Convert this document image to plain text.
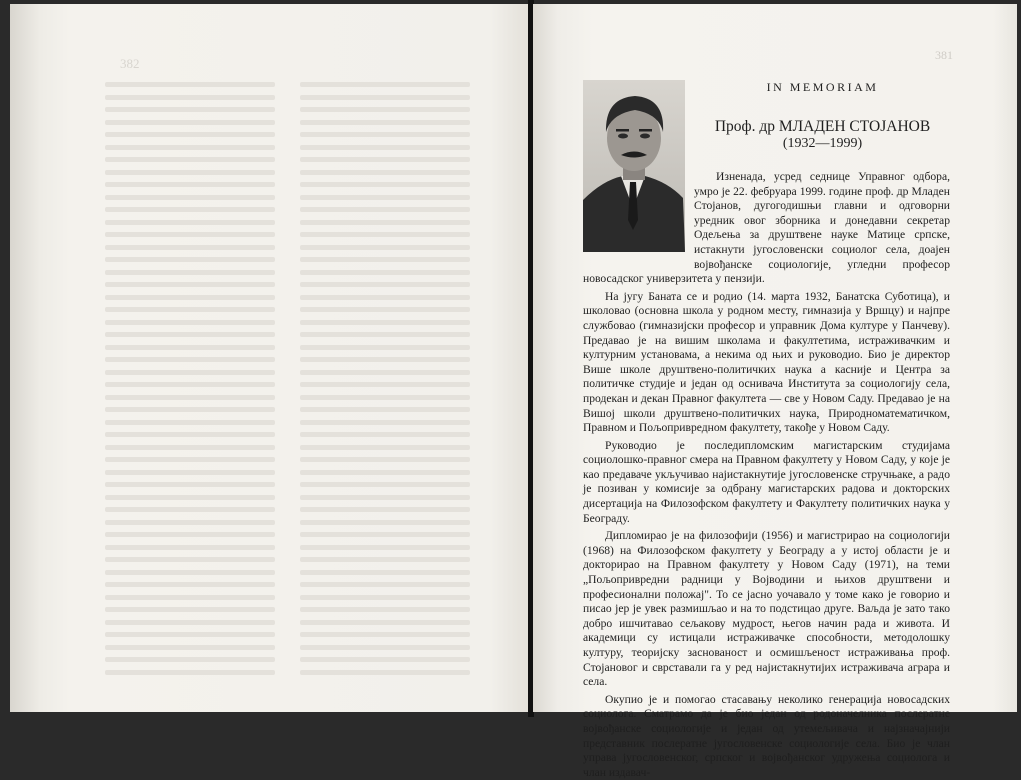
382
381
IN MEMORIAM
Проф. др МЛАДЕН СТОЈАНОВ
(1932—1999)

Изненада, усред седнице Управног одбора, умро је 22. фебруара 1999. године проф. др Младен Стојанов, дугогодишњи главни и одговорни уредник овог зборника и донедавни секретар Одељења за друштвене науке Матице српске, истакнути југословенски социолог села, доајен војвођанске социологије, угледни професор новосадског универзитета у пензији.

На југу Баната се и родио (14. марта 1932, Банатска Суботица), и школовао (основна школа у родном месту, гимназија у Вршцу) и најпре службовао (гимназијски професор и управник Дома културе у Панчеву). Предавао је на вишим школама и факултетима, истраживачким и културним установама, а некима од њих и руководио. Био је директор Више школе друштвено-политичких наука а касније и Центра за политичке студије и један од оснивача Института за социологију села, продекан и декан Правног факултета — све у Новом Саду. Предавао је на Вишој школи друштвено-политичких наука, Природноматематичком, Правном и Пољопривредном факултету, такође у Новом Саду.

Руководио је последипломским магистарским студијама социолошко-правног смера на Правном факултету у Новом Саду, у које је као предаваче укључивао најистакнутије југословенске стручњаке, а радо је позиван у комисије за одбрану магистарских радова и докторских дисертација на Филозофском факултету и Факултету политичких наука у Београду.

Дипломирао је на филозофији (1956) и магистрирао на социологији (1968) на Филозофском факултету у Београду а у истој области је и докторирао на Правном факултету у Новом Саду (1971), на теми „Пољопривредни радници у Војводини и њихов друштвени и професионални положај". То се јасно уочавало у томе како је говорио и писао јер је увек размишљао и на то подстицао друге. Ваљда је зато тако добро ишчитавао сељакову мудрост, његов начин рада и живота. И академици су истицали истраживачке способности, методолошку културу, теоријску заснованост и осмишљеност истраживања проф. Стојановог и сврставали га у ред најистакнутијих истраживача аграра и села.

Окупио је и помогао стасавању неколико генерација новосадских социолога. Сматрамо да је био један од родоначелника послератне војвођанске социологије и један од утемељивача и најзначајнији представник послератне југословенске социологије села. Био је члан управа југословенског, српског и војвођанског удружења социолога и члан издавач-
